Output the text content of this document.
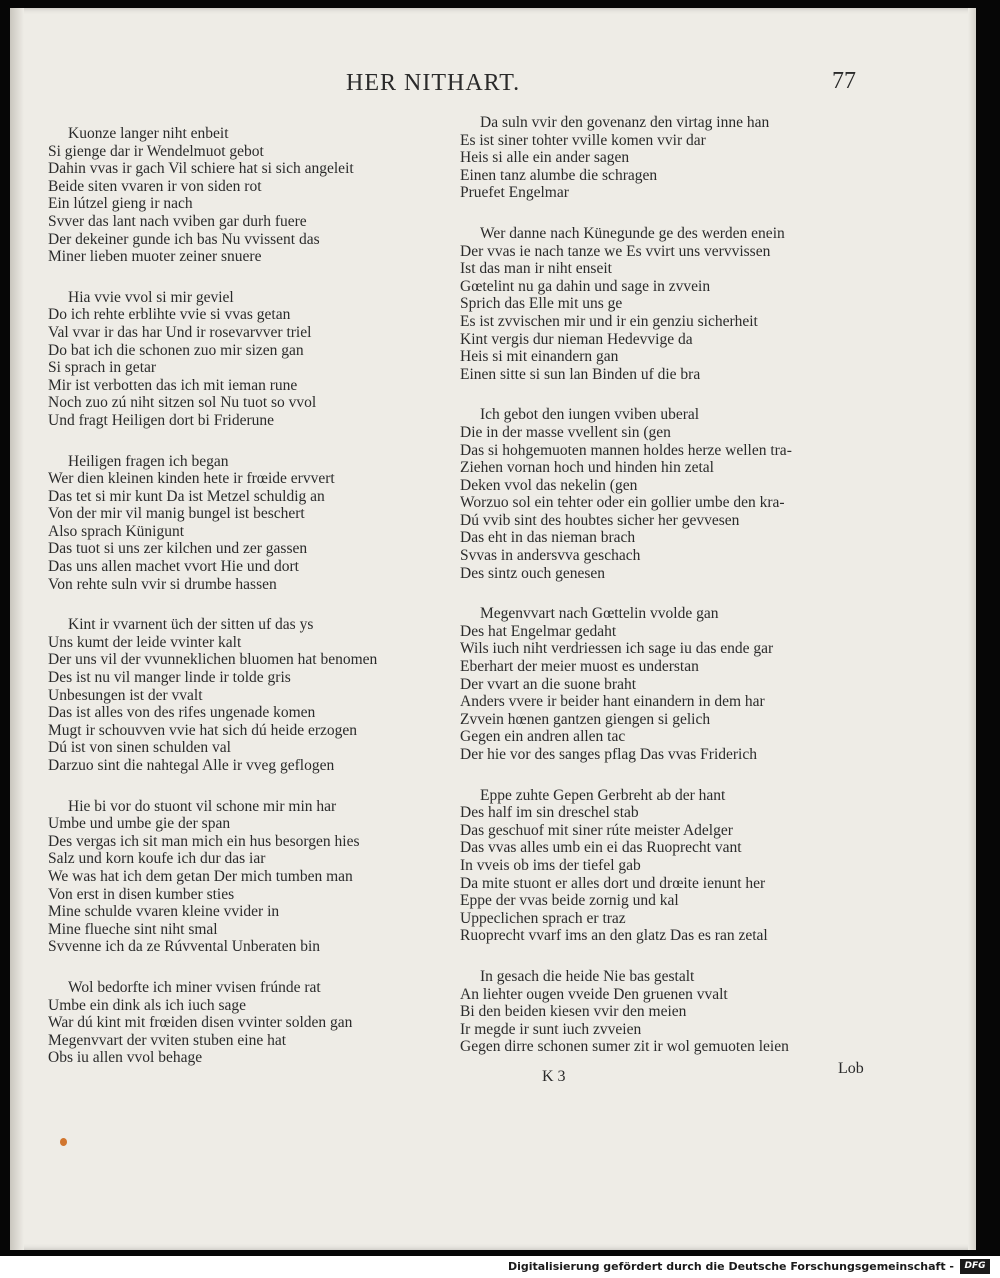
HER NITHART.	77
Kuonze langer niht enbeit
Si gienge dar ir Wendelmuot gebot
Dahin vvas ir gach Vil schiere hat si sich angeleit
Beide siten vvaren ir von siden rot
Ein lútzel gieng ir nach
Svver das lant nach vviben gar durh fuere
Der dekeiner gunde ich bas Nu vvissent das
Miner lieben muoter zeiner snuere
Hia vvie vvol si mir geviel
Do ich rehte erblihte vvie si vvas getan
Val vvar ir das har Und ir rosevarvver triel
Do bat ich die schonen zuo mir sizen gan
Si sprach in getar
Mir ist verbotten das ich mit ieman rune
Noch zuo zú niht sitzen sol Nu tuot so vvol
Und fragt Heiligen dort bi Friderune
Heiligen fragen ich began
Wer dien kleinen kinden hete ir frœide ervvert
Das tet si mir kunt Da ist Metzel schuldig an
Von der mir vil manig bungel ist beschert
Also sprach Künigunt
Das tuot si uns zer kilchen und zer gassen
Das uns allen machet vvort Hie und dort
Von rehte suln vvir si drumbe hassen
Kint ir vvarnent üch der sitten uf das ys
Uns kumt der leide vvinter kalt
Der uns vil der vvunneklichen bluomen hat benomen
Des ist nu vil manger linde ir tolde gris
Unbesungen ist der vvalt
Das ist alles von des rifes ungenade komen
Mugt ir schouvven vvie hat sich dú heide erzogen
Dú ist von sinen schulden val
Darzuo sint die nahtegal Alle ir vveg geflogen
Hie bi vor do stuont vil schone mir min har
Umbe und umbe gie der span
Des vergas ich sit man mich ein hus besorgen hies
Salz und korn koufe ich dur das iar
We was hat ich dem getan Der mich tumben man
Von erst in disen kumber sties
Mine schulde vvaren kleine vvider in
Mine flueche sint niht smal
Svvenne ich da ze Rúvvental Unberaten bin
Wol bedorfte ich miner vvisen frúnde rat
Umbe ein dink als ich iuch sage
War dú kint mit frœiden disen vvinter solden gan
Megenvvart der vviten stuben eine hat
Obs iu allen vvol behage
Da suln vvir den govenanz den virtag inne han
Es ist siner tohter vville komen vvir dar
Heis si alle ein ander sagen
Einen tanz alumbe die schragen
Pruefet Engelmar
Wer danne nach Künegunde ge des werden enein
Der vvas ie nach tanze we Es vvirt uns vervvissen
Ist das man ir niht enseit
Gœtelint nu ga dahin und sage in zvvein
Sprich das Elle mit uns ge
Es ist zvvischen mir und ir ein genziu sicherheit
Kint vergis dur nieman Hedevvige da
Heis si mit einandern gan
Einen sitte si sun lan Binden uf die bra
Ich gebot den iungen vviben uberal
Die in der masse vvellent sin (gen
Das si hohgemuoten mannen holdes herze wellen tra-
Ziehen vornan hoch und hinden hin zetal
Deken vvol das nekelin (gen
Worzuo sol ein tehter oder ein gollier umbe den kra-
Dú vvib sint des houbtes sicher her gevvesen
Das eht in das nieman brach
Svvas in andersvva geschach
Des sintz ouch genesen
Megenvvart nach Gœttelin vvolde gan
Des hat Engelmar gedaht
Wils iuch niht verdriessen ich sage iu das ende gar
Eberhart der meier muost es understan
Der vvart an die suone braht
Anders vvere ir beider hant einandern in dem har
Zvvein hœnen gantzen giengen si gelich
Gegen ein andren allen tac
Der hie vor des sanges pflag Das vvas Friderich
Eppe zuhte Gepen Gerbreht ab der hant
Des half im sin dreschel stab
Das geschuof mit siner rúte meister Adelger
Das vvas alles umb ein ei das Ruoprecht vant
In vveis ob ims der tiefel gab
Da mite stuont er alles dort und drœite ienunt her
Eppe der vvas beide zornig und kal
Uppeclichen sprach er traz
Ruoprecht vvarf ims an den glatz Das es ran zetal
In gesach die heide Nie bas gestalt
An liehter ougen vveide Den gruenen vvalt
Bi den beiden kiesen vvir den meien
Ir megde ir sunt iuch zvveien
Gegen dirre schonen sumer zit ir wol gemuoten leien
K 3	Lob
Digitalisierung gefördert durch die Deutsche Forschungsgemeinschaft -	DFG
